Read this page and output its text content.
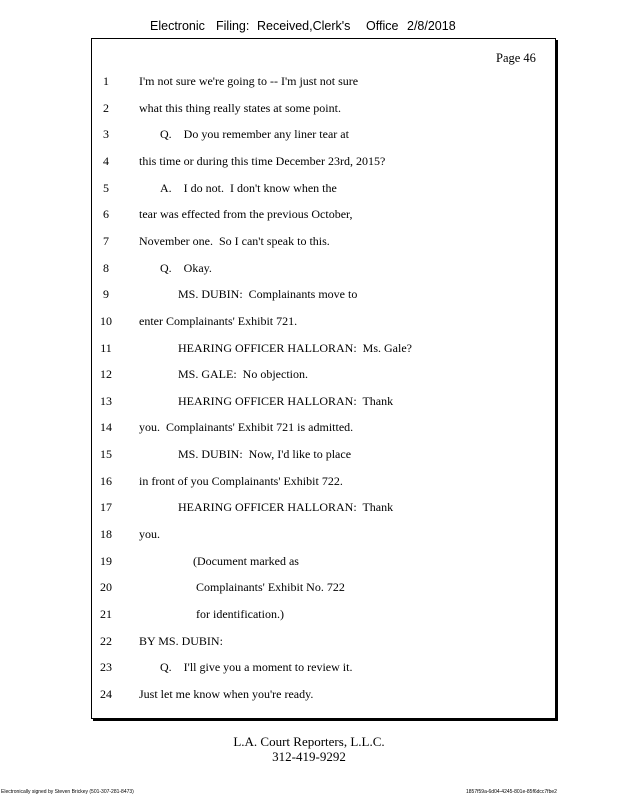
Electronic Filing: Received,Clerk's Office 2/8/2018
Page 46
1	I'm not sure we're going to -- I'm just not sure
2	what this thing really states at some point.
3	Q.    Do you remember any liner tear at
4	this time or during this time December 23rd, 2015?
5	A.    I do not.  I don't know when the
6	tear was effected from the previous October,
7	November one.  So I can't speak to this.
8	Q.    Okay.
9	MS. DUBIN:  Complainants move to
10	enter Complainants' Exhibit 721.
11	HEARING OFFICER HALLORAN:  Ms. Gale?
12	MS. GALE:  No objection.
13	HEARING OFFICER HALLORAN:  Thank
14	you.  Complainants' Exhibit 721 is admitted.
15	MS. DUBIN:  Now, I'd like to place
16	in front of you Complainants' Exhibit 722.
17	HEARING OFFICER HALLORAN:  Thank
18	you.
19	(Document marked as
20	Complainants' Exhibit No. 722
21	for identification.)
22	BY MS. DUBIN:
23	Q.    I'll give you a moment to review it.
24	Just let me know when you're ready.
L.A. Court Reporters, L.L.C.
312-419-9292
Electronically signed by Steven Brickey (501-307-281-8473)	1857f59a-6d04-4245-801e-85f6dcc7fbe2
